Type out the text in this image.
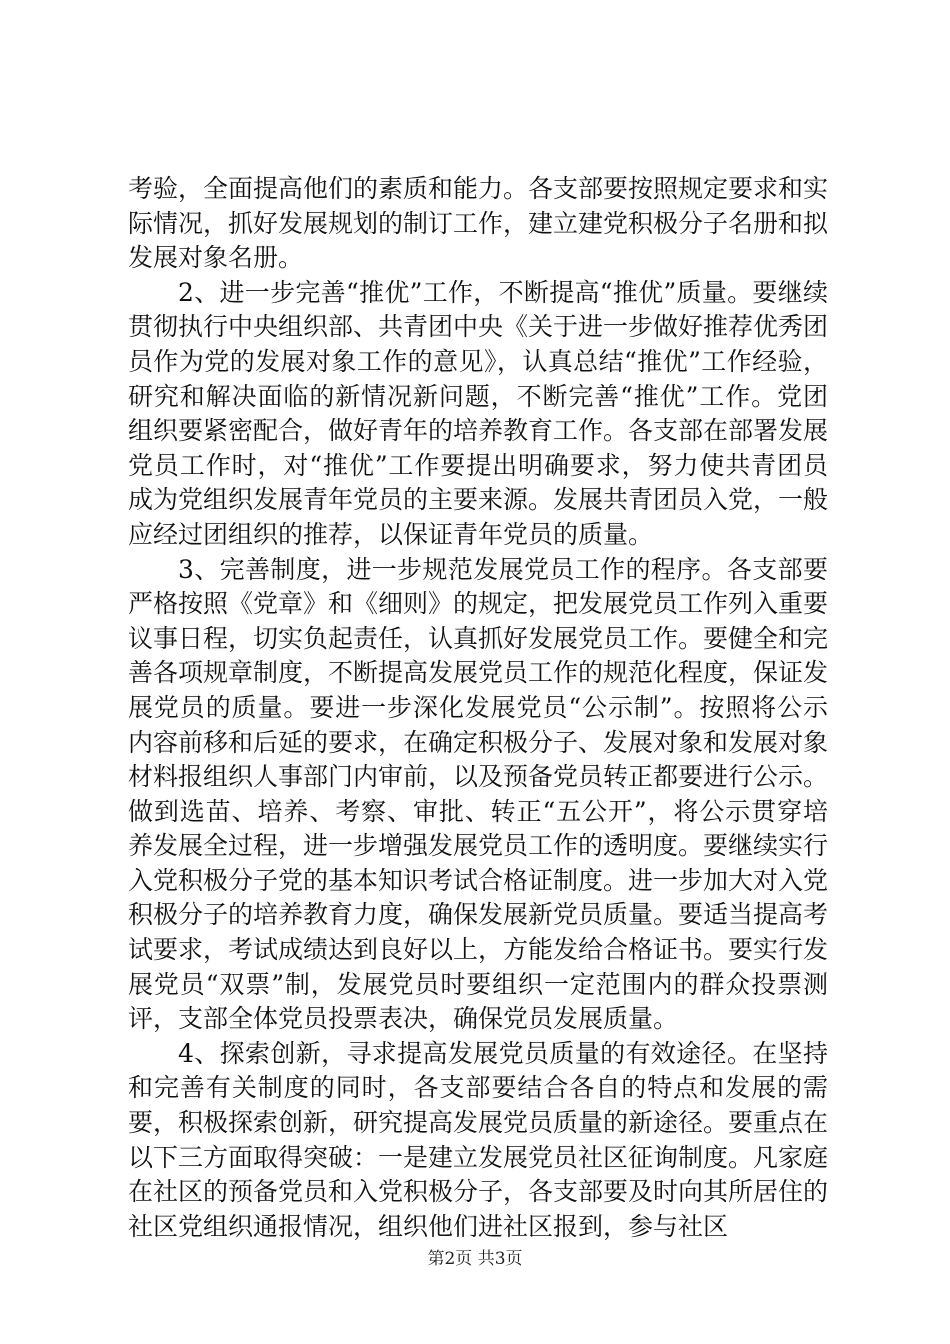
考验，全面提高他们的素质和能力。各支部要按照规定要求和实际情况，抓好发展规划的制订工作，建立建党积极分子名册和拟发展对象名册。

2、进一步完善“推优”工作，不断提高“推优”质量。要继续贯彻执行中央组织部、共青团中央《关于进一步做好推荐优秀团员作为党的发展对象工作的意见》，认真总结“推优”工作经验，研究和解决面临的新情况新问题，不断完善“推优”工作。党团组织要紧密配合，做好青年的培养教育工作。各支部在部署发展党员工作时，对“推优”工作要提出明确要求，努力使共青团员成为党组织发展青年党员的主要来源。发展共青团员入党，一般应经过团组织的推荐，以保证青年党员的质量。

3、完善制度，进一步规范发展党员工作的程序。各支部要严格按照《党章》和《细则》的规定，把发展党员工作列入重要议事日程，切实负起责任，认真抓好发展党员工作。要健全和完善各项规章制度，不断提高发展党员工作的规范化程度，保证发展党员的质量。要进一步深化发展党员“公示制”。按照将公示内容前移和后延的要求，在确定积极分子、发展对象和发展对象材料报组织人事部门内审前，以及预备党员转正都要进行公示。做到选苗、培养、考察、审批、转正“五公开”，将公示贯穿培养发展全过程，进一步增强发展党员工作的透明度。要继续实行入党积极分子党的基本知识考试合格证制度。进一步加大对入党积极分子的培养教育力度，确保发展新党员质量。要适当提高考试要求，考试成绩达到良好以上，方能发给合格证书。要实行发展党员“双票”制，发展党员时要组织一定范围内的群众投票测评，支部全体党员投票表决，确保党员发展质量。

4、探索创新，寻求提高发展党员质量的有效途径。在坚持和完善有关制度的同时，各支部要结合各自的特点和发展的需要，积极探索创新，研究提高发展党员质量的新途径。要重点在以下三方面取得突破：一是建立发展党员社区征询制度。凡家庭在社区的预备党员和入党积极分子，各支部要及时向其所居住的社区党组织通报情况，组织他们进社区报到，参与社区

第2页 共3页
